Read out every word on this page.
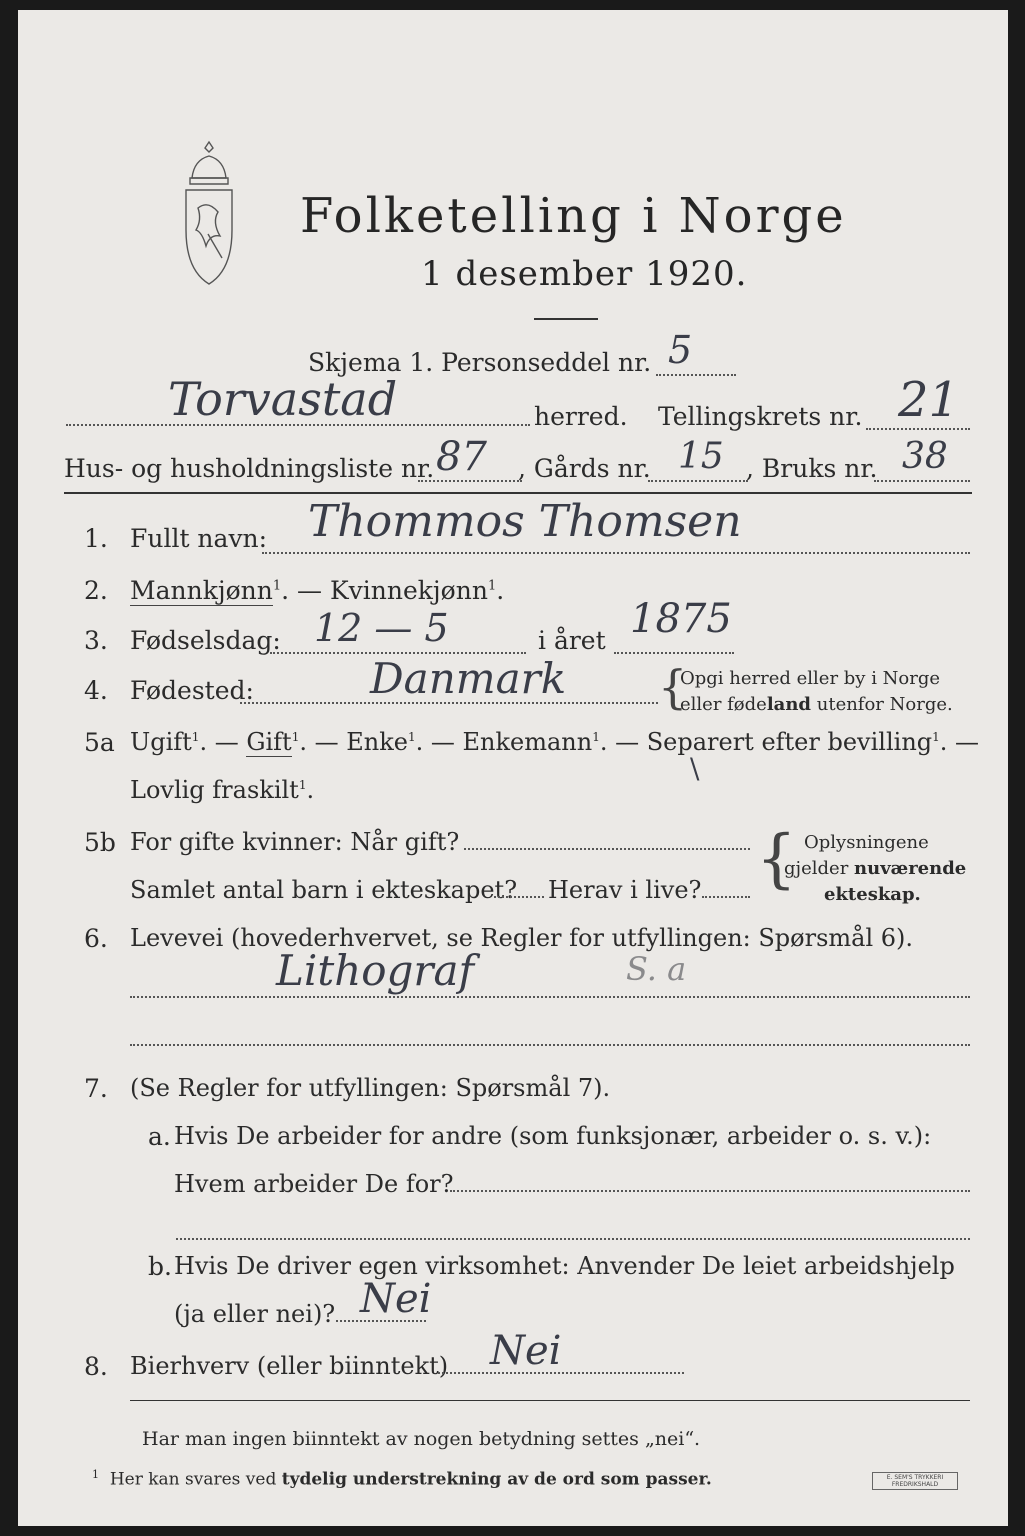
Folketelling i Norge
1 desember 1920.
Skjema 1. Personseddel nr. 5
Torvastad	herred. Tellingskrets nr. 21
Hus- og husholdningsliste nr. 87 , Gårds nr. 15 , Bruks nr. 38
1. Fullt navn: Thommos Thomsen
2. Mannkjønn$^1$. — Kvinnekjønn$^1$.
3. Fødselsdag: 12 — 5	i året 1875
4. Fødested:	Danmark {
Opgi herred eller by i Norge
eller fødeland utenfor Norge.
5a Ugift$^1$. — Gift$^1$. — Enke$^1$. — Enkemann$^1$. — Separert efter bevilling$^1$. —
\
Lovlig fraskilt$^1$.
5b For gifte kvinner: Når gift?
Samlet antal barn i ekteskapet? Herav i live? { Oplysningene
gjelder nuværende
ekteskap.
6. Levevei (hovederhvervet, se Regler for utfyllingen: Spørsmål 6).
Lithograf	S. a
7. (Se Regler for utfyllingen: Spørsmål 7).
a. Hvis De arbeider for andre (som funksjonær, arbeider o. s. v.):
Hvem arbeider De for?
b. Hvis De driver egen virksomhet: Anvender De leiet arbeidshjelp
(ja eller nei)? Nei
8. Bierhverv (eller biinntekt) Nei
Har man ingen biinntekt av nogen betydning settes „nei“.
$^1$ Her kan svares ved tydelig understrekning av de ord som passer.	E. SEM'S TRYKKERI
FREDRIKSHALD
